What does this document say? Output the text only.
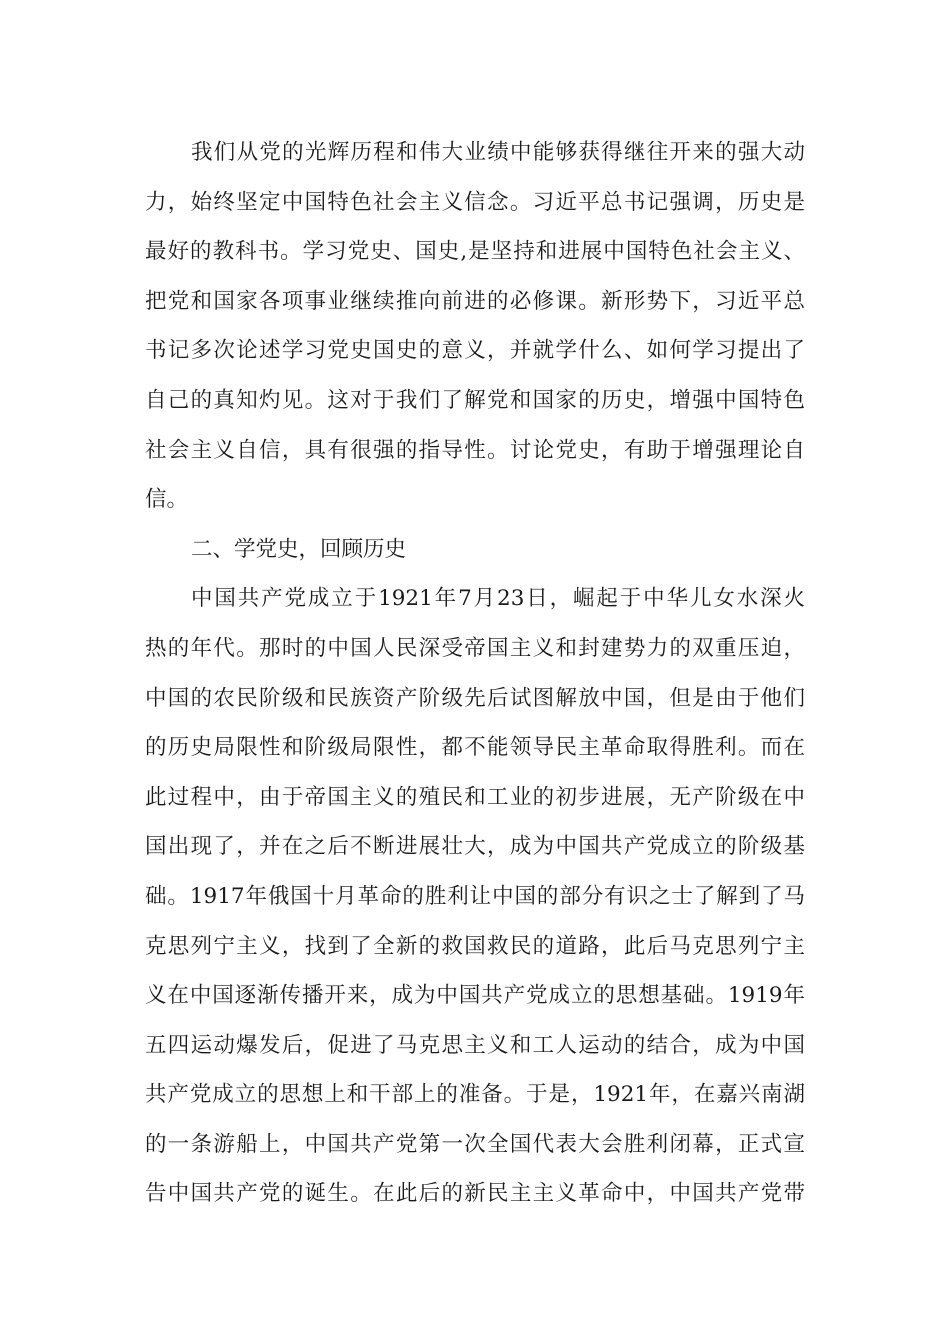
我们从党的光辉历程和伟大业绩中能够获得继往开来的强大动

力，始终坚定中国特色社会主义信念。习近平总书记强调，历史是

最好的教科书。学习党史、国史,是坚持和进展中国特色社会主义、

把党和国家各项事业继续推向前进的必修课。新形势下，习近平总

书记多次论述学习党史国史的意义，并就学什么、如何学习提出了

自己的真知灼见。这对于我们了解党和国家的历史，增强中国特色

社会主义自信，具有很强的指导性。讨论党史，有助于增强理论自

信。

二、学党史，回顾历史

中国共产党成立于1921年7月23日，崛起于中华儿女水深火

热的年代。那时的中国人民深受帝国主义和封建势力的双重压迫，

中国的农民阶级和民族资产阶级先后试图解放中国，但是由于他们

的历史局限性和阶级局限性，都不能领导民主革命取得胜利。而在

此过程中，由于帝国主义的殖民和工业的初步进展，无产阶级在中

国出现了，并在之后不断进展壮大，成为中国共产党成立的阶级基

础。1917年俄国十月革命的胜利让中国的部分有识之士了解到了马

克思列宁主义，找到了全新的救国救民的道路，此后马克思列宁主

义在中国逐渐传播开来，成为中国共产党成立的思想基础。1919年

五四运动爆发后，促进了马克思主义和工人运动的结合，成为中国

共产党成立的思想上和干部上的准备。于是，1921年，在嘉兴南湖

的一条游船上，中国共产党第一次全国代表大会胜利闭幕，正式宣

告中国共产党的诞生。在此后的新民主主义革命中，中国共产党带
